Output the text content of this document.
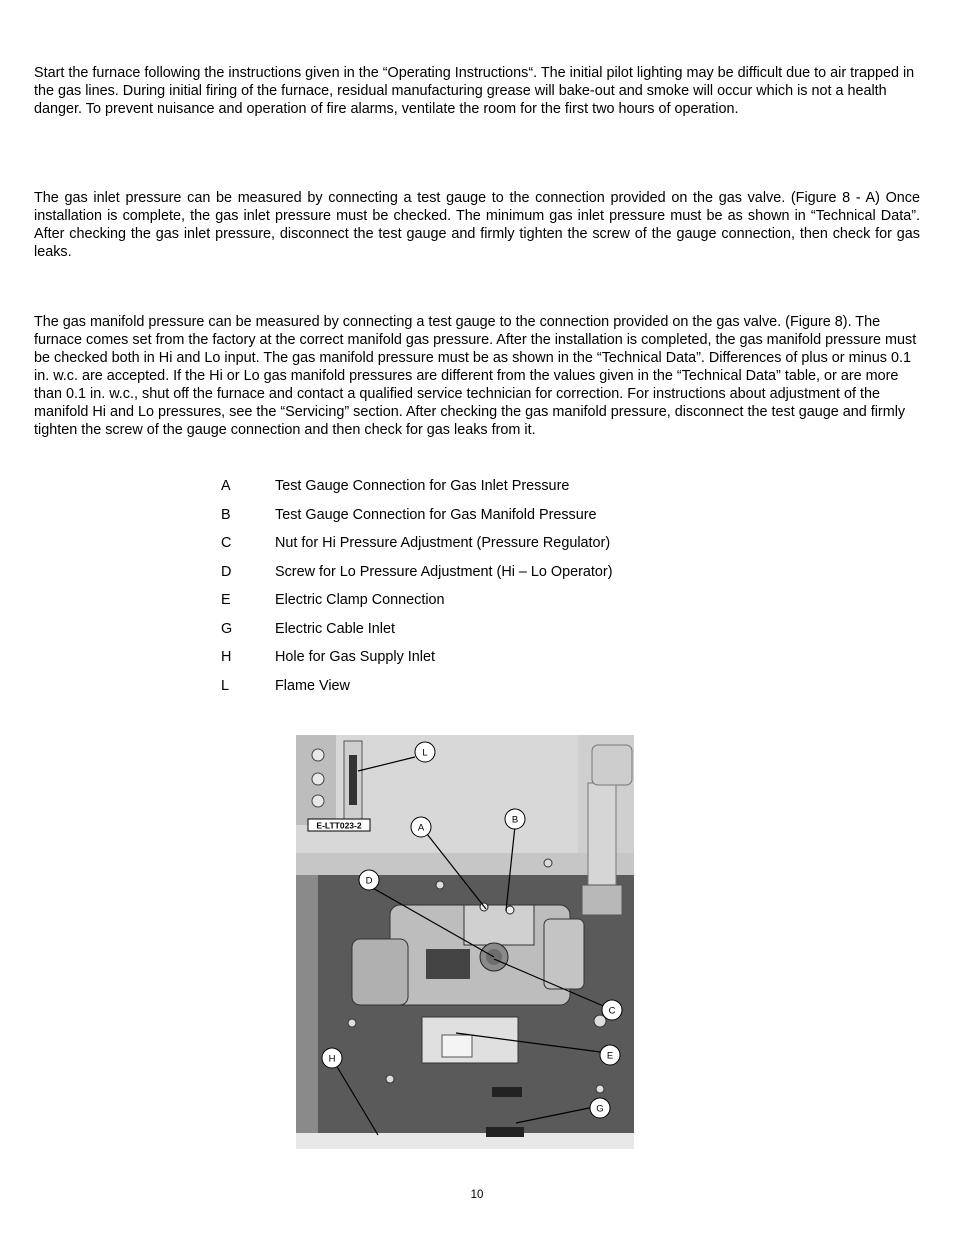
Start the furnace following the instructions given in the “Operating Instructions“. The initial pilot lighting may be difficult due to air trapped in the gas lines. During initial firing of the furnace, residual manufacturing grease will bake-out and smoke will occur which is not a health danger. To prevent nuisance and operation of fire alarms, ventilate the room for the first two hours of operation.

The gas inlet pressure can be measured by connecting a test gauge to the connection provided on the gas valve. (Figure 8 - A) Once installation is complete, the gas inlet pressure must be checked. The minimum gas inlet pressure must be as shown in “Technical Data”. After checking the gas inlet pressure, disconnect the test gauge and firmly tighten the screw of the gauge connection, then check for gas leaks.

The gas manifold pressure can be measured by connecting a test gauge to the connection provided on the gas valve. (Figure 8). The furnace comes set from the factory at the correct manifold gas pressure. After the installation is completed, the gas manifold pressure must be checked both in Hi and Lo input. The gas manifold pressure must be as shown in the “Technical Data”. Differences of plus or minus 0.1 in. w.c. are accepted. If the Hi or Lo gas manifold pressures are different from the values given in the “Technical Data” table, or are more than 0.1 in. w.c., shut off the furnace and contact a qualified service technician for correction. For instructions about adjustment of the manifold Hi and Lo pressures, see the “Servicing” section. After checking the gas manifold pressure, disconnect the test gauge and firmly tighten the screw of the gauge connection and then check for gas leaks from it.

A	Test Gauge Connection for Gas Inlet Pressure
B	Test Gauge Connection for Gas Manifold Pressure
C	Nut for Hi Pressure Adjustment (Pressure Regulator)
D	Screw for Lo Pressure Adjustment (Hi – Lo Operator)
E	Electric Clamp Connection
G	Electric Cable Inlet
H	Hole for Gas Supply Inlet
L	Flame View
E-LTT023-2
L
A
B
D
C
E
H
G
10
